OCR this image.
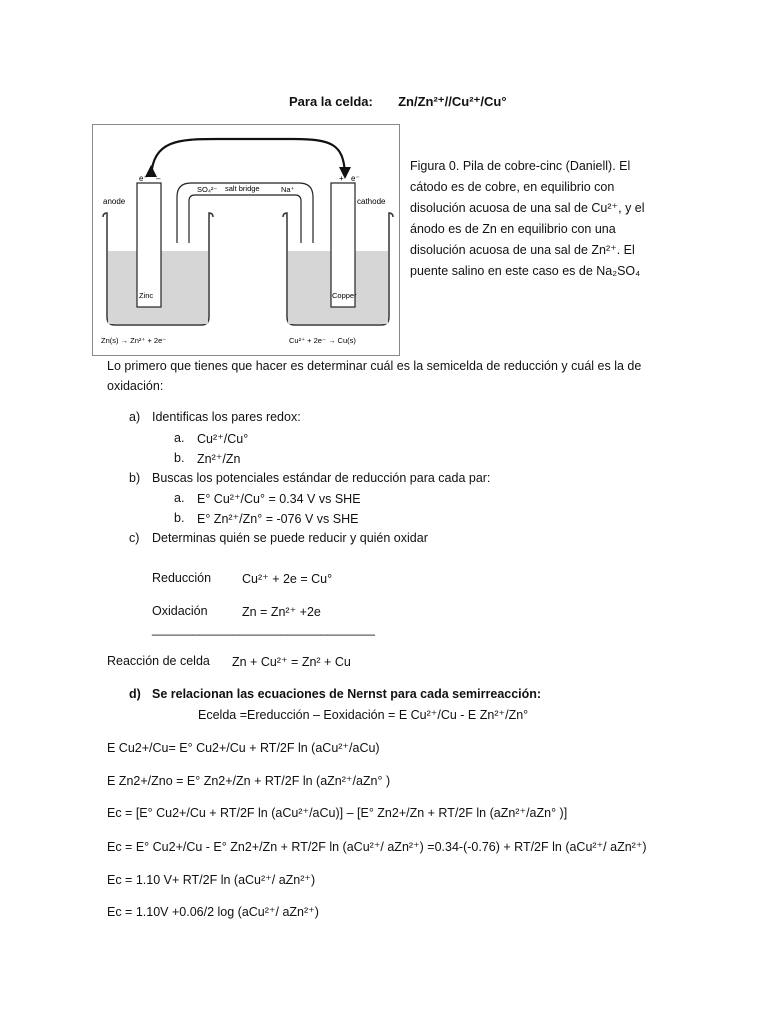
Para la celda: Zn/Zn²⁺//Cu²⁺/Cu°
e⁻ –	+ e⁻
anode	cathode
SO₄²⁻ salt bridge	Na⁺
Zinc	Copper
Zn(s) → Zn²⁺ + 2e⁻	Cu²⁺ + 2e⁻ → Cu(s)
Figura 0. Pila de cobre-cinc (Daniell). El cátodo es de cobre, en equilibrio con disolución acuosa de una sal de Cu²⁺, y el ánodo es de Zn en equilibrio con una disolución acuosa de una sal de Zn²⁺. El puente salino en este caso es de Na₂SO₄
Lo primero que tienes que hacer es determinar cuál es la semicelda de reducción y cuál es la de oxidación:
a) Identificas los pares redox:
a. Cu²⁺/Cu°
b. Zn²⁺/Zn
b) Buscas los potenciales estándar de reducción para cada par:
a. E° Cu²⁺/Cu° = 0.34 V vs SHE
b. E° Zn²⁺/Zn° = -076 V vs SHE
c) Determinas quién se puede reducir y quién oxidar
Reducción Cu²⁺ + 2e = Cu°
Oxidación	Zn = Zn²⁺ +2e
_________________________________
Reacción de celda Zn + Cu²⁺ = Zn² + Cu
d) Se relacionan las ecuaciones de Nernst para cada semirreacción:
Ecelda =Ereducción – Eoxidación = E Cu²⁺/Cu - E Zn²⁺/Zn°
E Cu2+/Cu= E° Cu2+/Cu + RT/2F ln (aCu²⁺/aCu)
E Zn2+/Zno = E° Zn2+/Zn + RT/2F ln (aZn²⁺/aZn° )
Ec = [E° Cu2+/Cu + RT/2F ln (aCu²⁺/aCu)] – [E° Zn2+/Zn + RT/2F ln (aZn²⁺/aZn° )]
Ec = E° Cu2+/Cu - E° Zn2+/Zn + RT/2F ln (aCu²⁺/ aZn²⁺) =0.34-(-0.76) + RT/2F ln (aCu²⁺/ aZn²⁺)
Ec = 1.10 V+ RT/2F ln (aCu²⁺/ aZn²⁺)
Ec = 1.10V +0.06/2 log (aCu²⁺/ aZn²⁺)
